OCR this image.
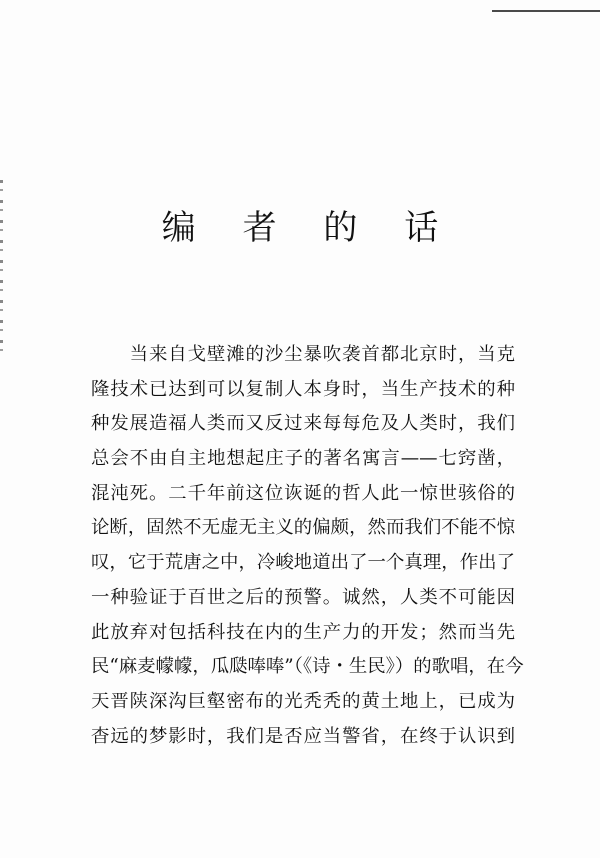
编 者 的 话
　　当来自戈壁滩的沙尘暴吹袭首都北京时，当克
隆技术已达到可以复制人本身时，当生产技术的种
种发展造福人类而又反过来每每危及人类时，我们
总会不由自主地想起庄子的著名寓言——七窍凿，
混沌死。二千年前这位诙诞的哲人此一惊世骇俗的
论断，固然不无虚无主义的偏颇，然而我们不能不惊
叹，它于荒唐之中，冷峻地道出了一个真理，作出了
一种验证于百世之后的预警。诚然，人类不可能因
此放弃对包括科技在内的生产力的开发；然而当先
民“麻麦幪幪，瓜瓞唪唪”（《诗・生民》）的歌唱，在今
天晋陕深沟巨壑密布的光秃秃的黄土地上，已成为
杳远的梦影时，我们是否应当警省，在终于认识到
